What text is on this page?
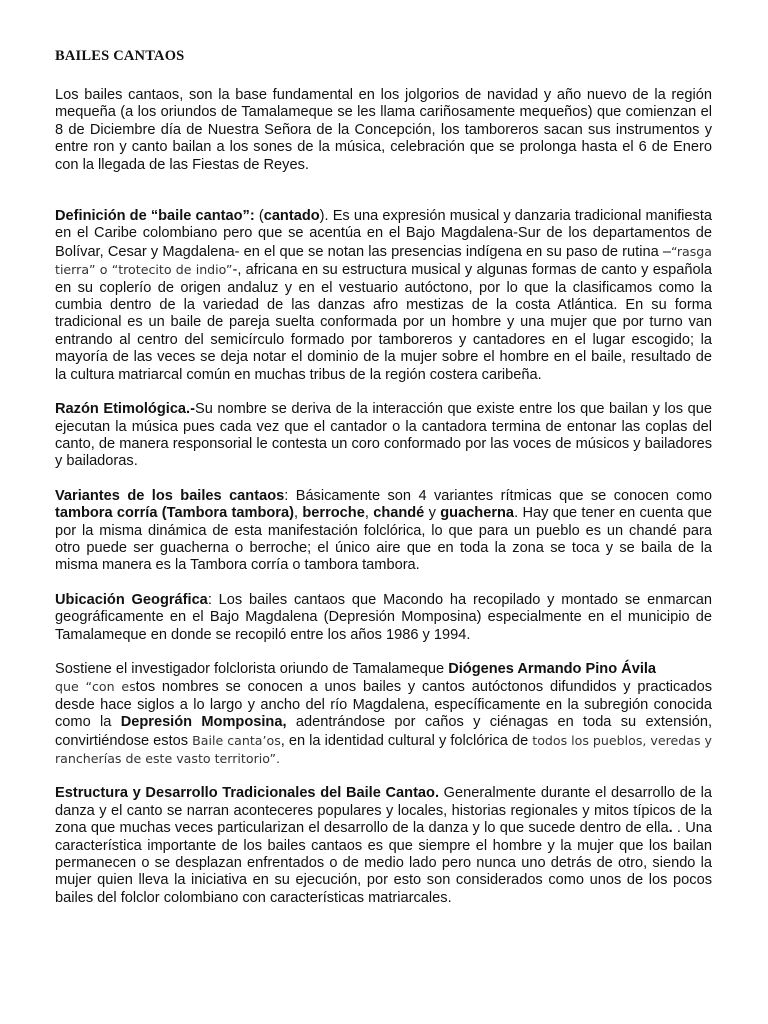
BAILES CANTAOS

Los bailes cantaos, son la base fundamental en los jolgorios de navidad y año nuevo de la región mequeña (a los oriundos de Tamalameque se les llama cariñosamente mequeños) que comienzan el 8 de Diciembre día de Nuestra Señora de la Concepción, los tamboreros sacan sus instrumentos y entre ron y canto bailan a los sones de la música, celebración que se prolonga hasta el 6 de Enero con la llegada de las Fiestas de Reyes.

Definición de “baile cantao”: (cantado). Es una expresión musical y danzaria tradicional manifiesta en el Caribe colombiano pero que se acentúa en el Bajo Magdalena-Sur de los departamentos de Bolívar, Cesar y Magdalena- en el que se notan las presencias indígena en su paso de rutina –“rasga tierra” o “trotecito de indio”-, africana en su estructura musical y algunas formas de canto y española en su coplerío de origen andaluz y en el vestuario autóctono, por lo que la clasificamos como la cumbia dentro de la variedad de las danzas afro mestizas de la costa Atlántica. En su forma tradicional es un baile de pareja suelta conformada por un hombre y una mujer que por turno van entrando al centro del semicírculo formado por tamboreros y cantadores en el lugar escogido; la mayoría de las veces se deja notar el dominio de la mujer sobre el hombre en el baile, resultado de la cultura matriarcal común en muchas tribus de la región costera caribeña.

Razón Etimológica.-Su nombre se deriva de la interacción que existe entre los que bailan y los que ejecutan la música pues cada vez que el cantador o la cantadora termina de entonar las coplas del canto, de manera responsorial le contesta un coro conformado por las voces de músicos y bailadores y bailadoras.

Variantes de los bailes cantaos: Básicamente son 4 variantes rítmicas que se conocen como tambora corría (Tambora tambora), berroche, chandé y guacherna. Hay que tener en cuenta que por la misma dinámica de esta manifestación folclórica, lo que para un pueblo es un chandé para otro puede ser guacherna o berroche; el único aire que en toda la zona se toca y se baila de la misma manera es la Tambora corría o tambora tambora.

Ubicación Geográfica: Los bailes cantaos que Macondo ha recopilado y montado se enmarcan geográficamente en el Bajo Magdalena (Depresión Momposina) especialmente en el municipio de Tamalameque en donde se recopiló entre los años 1986 y 1994.

Sostiene el investigador folclorista oriundo de Tamalameque Diógenes Armando Pino Ávila
que “con estos nombres se conocen a unos bailes y cantos autóctonos difundidos y practicados desde hace siglos a lo largo y ancho del río Magdalena, específicamente en la subregión conocida como la Depresión Momposina, adentrándose por caños y ciénagas en toda su extensión, convirtiéndose estos Baile canta’os, en la identidad cultural y folclórica de todos los pueblos, veredas y rancherías de este vasto territorio”.

Estructura y Desarrollo Tradicionales del Baile Cantao. Generalmente durante el desarrollo de la danza y el canto se narran aconteceres populares y locales, historias regionales y mitos típicos de la zona que muchas veces particularizan el desarrollo de la danza y lo que sucede dentro de ella. . Una característica importante de los bailes cantaos es que siempre el hombre y la mujer que los bailan permanecen o se desplazan enfrentados o de medio lado pero nunca uno detrás de otro, siendo la mujer quien lleva la iniciativa en su ejecución, por esto son considerados como unos de los pocos bailes del folclor colombiano con características matriarcales.
